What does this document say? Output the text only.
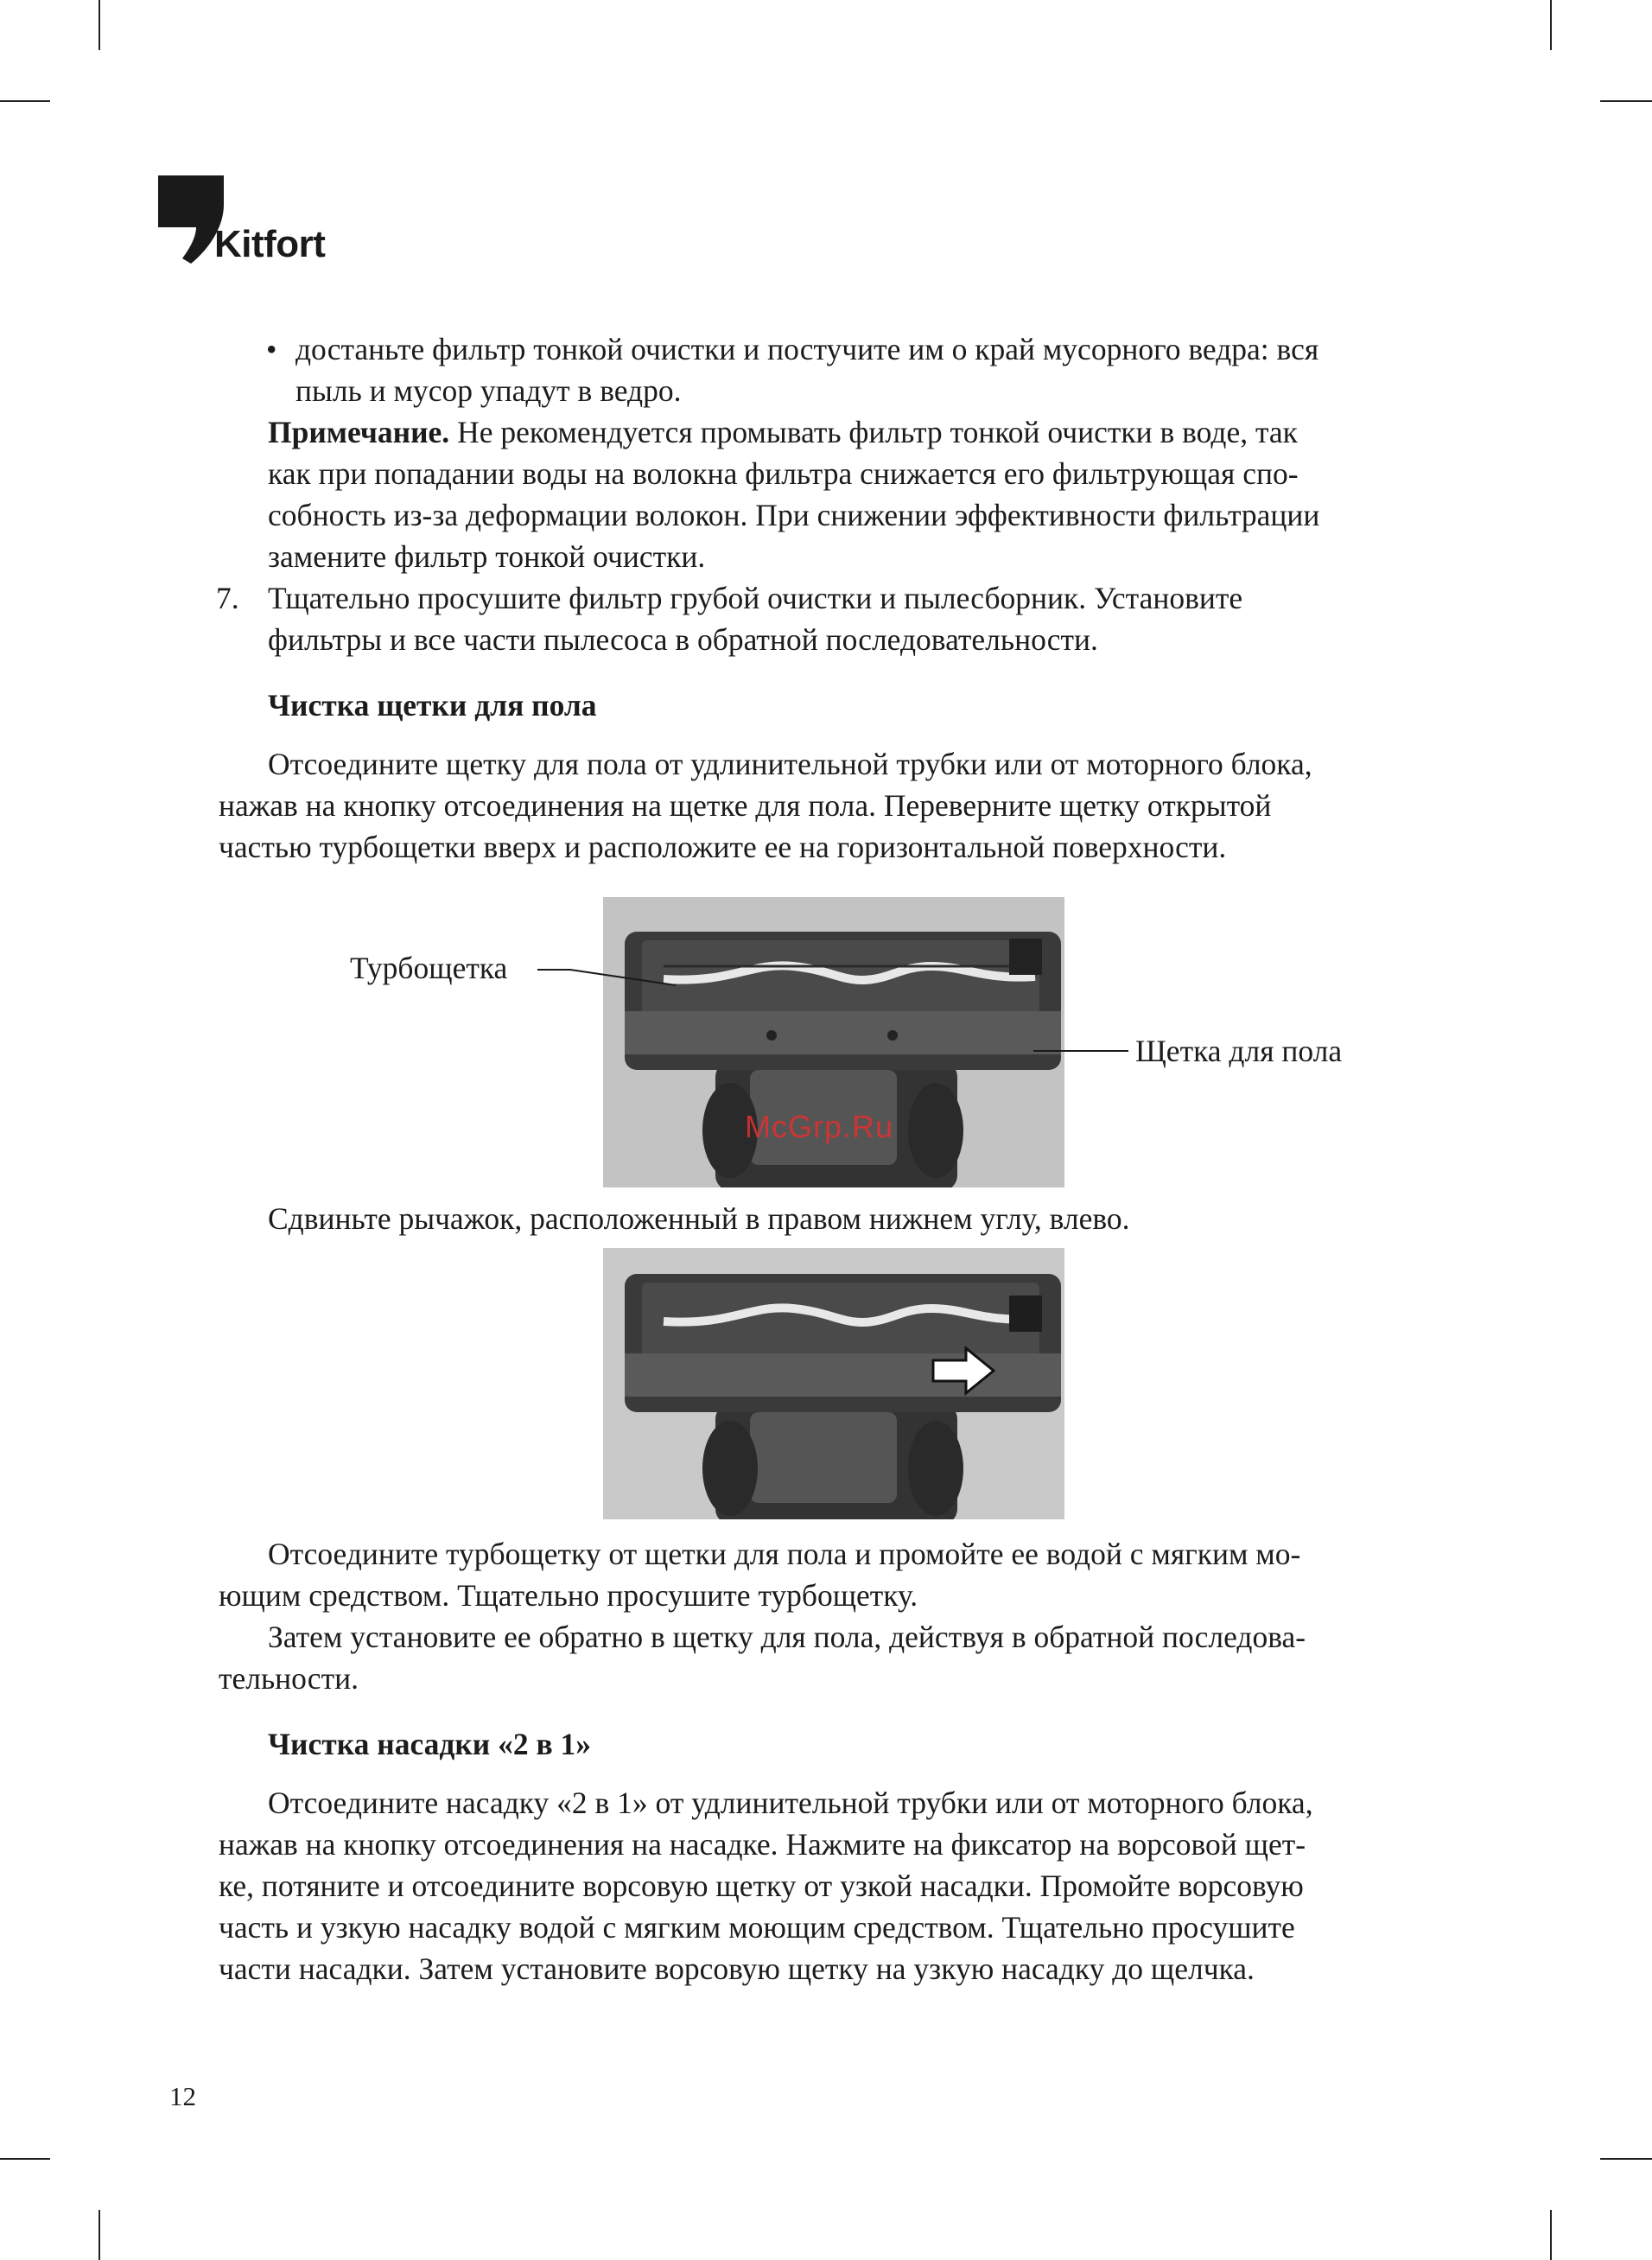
Kitfort
• достаньте фильтр тонкой очистки и постучите им о край мусорного ведра: вся
пыль и мусор упадут в ведро.
Примечание. Не рекомендуется промывать фильтр тонкой очистки в воде, так
как при попадании воды на волокна фильтра снижается его фильтрующая спо-
собность из-за деформации волокон. При снижении эффективности фильтрации
замените фильтр тонкой очистки.
7. Тщательно просушите фильтр грубой очистки и пылесборник. Установите
фильтры и все части пылесоса в обратной последовательности.
Чистка щетки для пола
Отсоедините щетку для пола от удлинительной трубки или от моторного блока,
нажав на кнопку отсоединения на щетке для пола. Переверните щетку открытой
частью турбощетки вверх и расположите ее на горизонтальной поверхности.
Турбощетка
Щетка для пола
McGrp.Ru
Сдвиньте рычажок, расположенный в правом нижнем углу, влево.
Отсоедините турбощетку от щетки для пола и промойте ее водой с мягким мо-
ющим средством. Тщательно просушите турбощетку.
Затем установите ее обратно в щетку для пола, действуя в обратной последова-
тельности.
Чистка насадки «2 в 1»
Отсоедините насадку «2 в 1» от удлинительной трубки или от моторного блока,
нажав на кнопку отсоединения на насадке. Нажмите на фиксатор на ворсовой щет-
ке, потяните и отсоедините ворсовую щетку от узкой насадки. Промойте ворсовую
часть и узкую насадку водой с мягким моющим средством. Тщательно просушите
части насадки. Затем установите ворсовую щетку на узкую насадку до щелчка.
12
